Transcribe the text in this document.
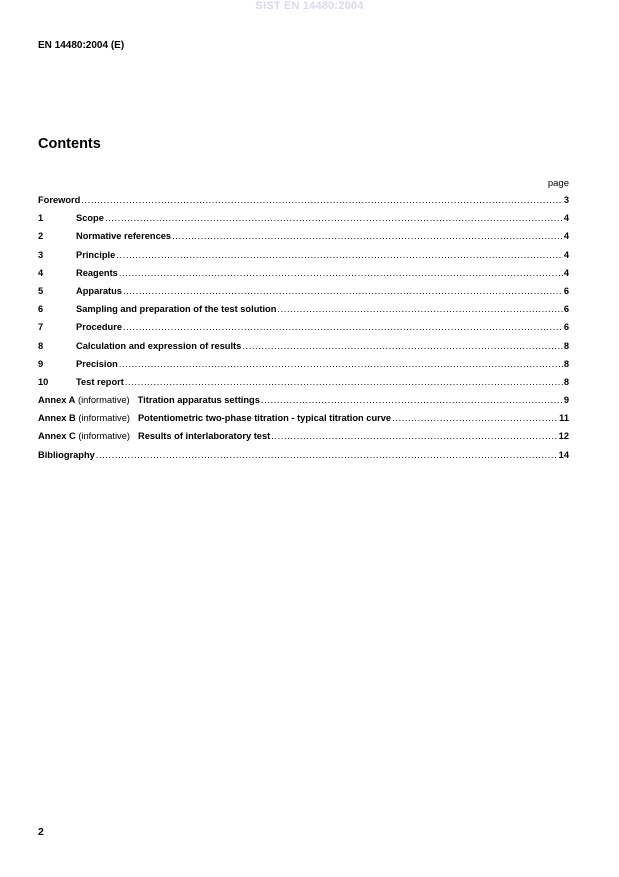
SIST EN 14480:2004
EN 14480:2004 (E)
Contents
page
Foreword .....	3
1	Scope .....	4
2	Normative references .....	4
3	Principle .....	4
4	Reagents .....	4
5	Apparatus .....	6
6	Sampling and preparation of the test solution .....	6
7	Procedure .....	6
8	Calculation and expression of results .....	8
9	Precision .....	8
10	Test report .....	8
Annex A (informative) Titration apparatus settings .....	9
Annex B (informative) Potentiometric two-phase titration - typical titration curve .....	11
Annex C (informative) Results of interlaboratory test .....	12
Bibliography .....	14
2
